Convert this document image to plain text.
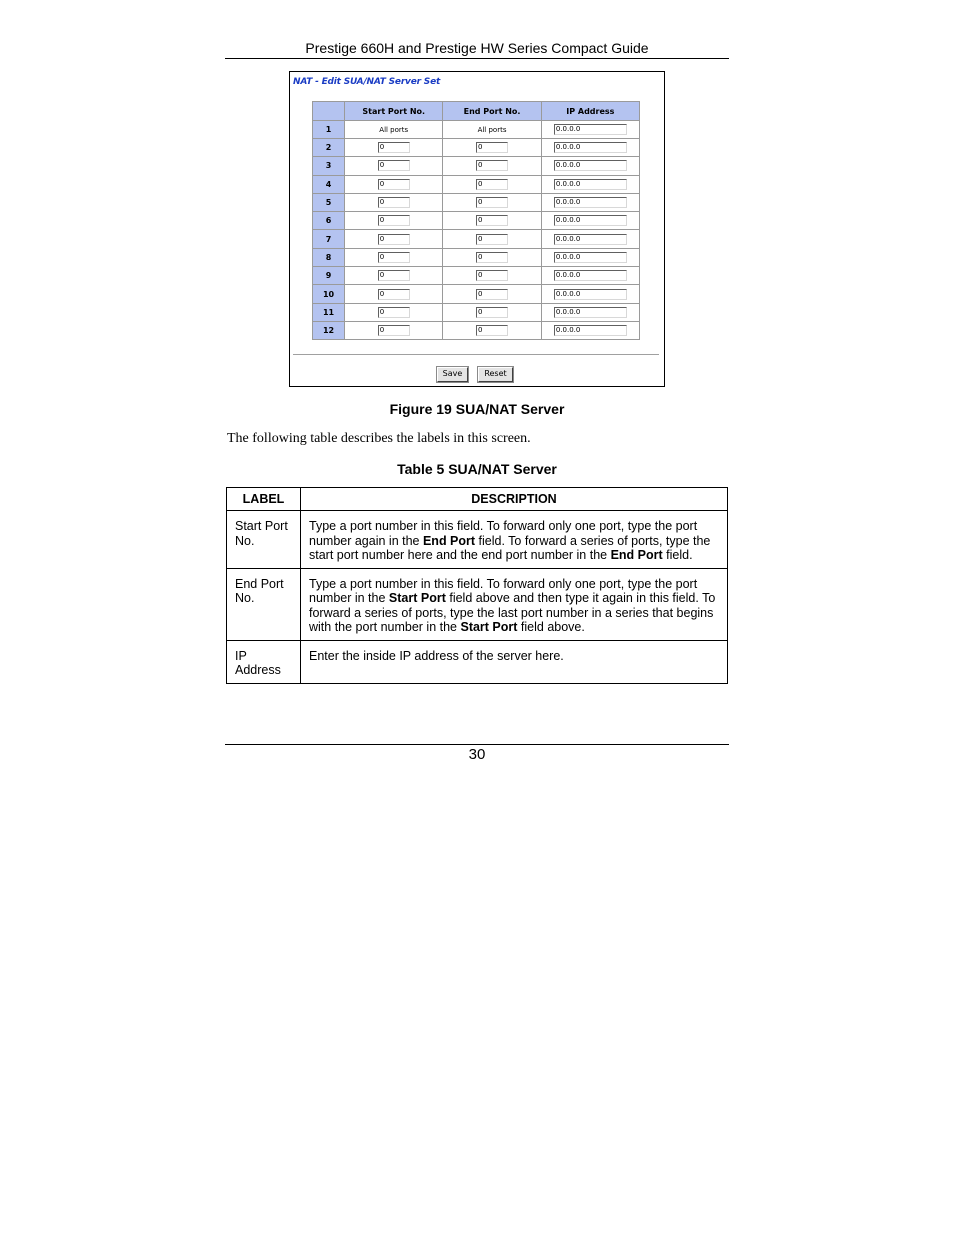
Prestige 660H and Prestige HW Series Compact Guide
NAT - Edit SUA/NAT Server Set
	Start Port No.	End Port No.	IP Address
1	All ports	All ports	0.0.0.0
2	0	0	0.0.0.0
3	0	0	0.0.0.0
4	0	0	0.0.0.0
5	0	0	0.0.0.0
6	0	0	0.0.0.0
7	0	0	0.0.0.0
8	0	0	0.0.0.0
9	0	0	0.0.0.0
10	0	0	0.0.0.0
11	0	0	0.0.0.0
12	0	0	0.0.0.0
Save	Reset
Figure 19 SUA/NAT Server
The following table describes the labels in this screen.
Table 5 SUA/NAT Server
LABEL	DESCRIPTION
Start Port No.	Type a port number in this field. To forward only one port, type the port number again in the End Port field. To forward a series of ports, type the start port number here and the end port number in the End Port field.
End Port No.	Type a port number in this field. To forward only one port, type the port number in the Start Port field above and then type it again in this field. To forward a series of ports, type the last port number in a series that begins with the port number in the Start Port field above.
IP Address	Enter the inside IP address of the server here.
30
